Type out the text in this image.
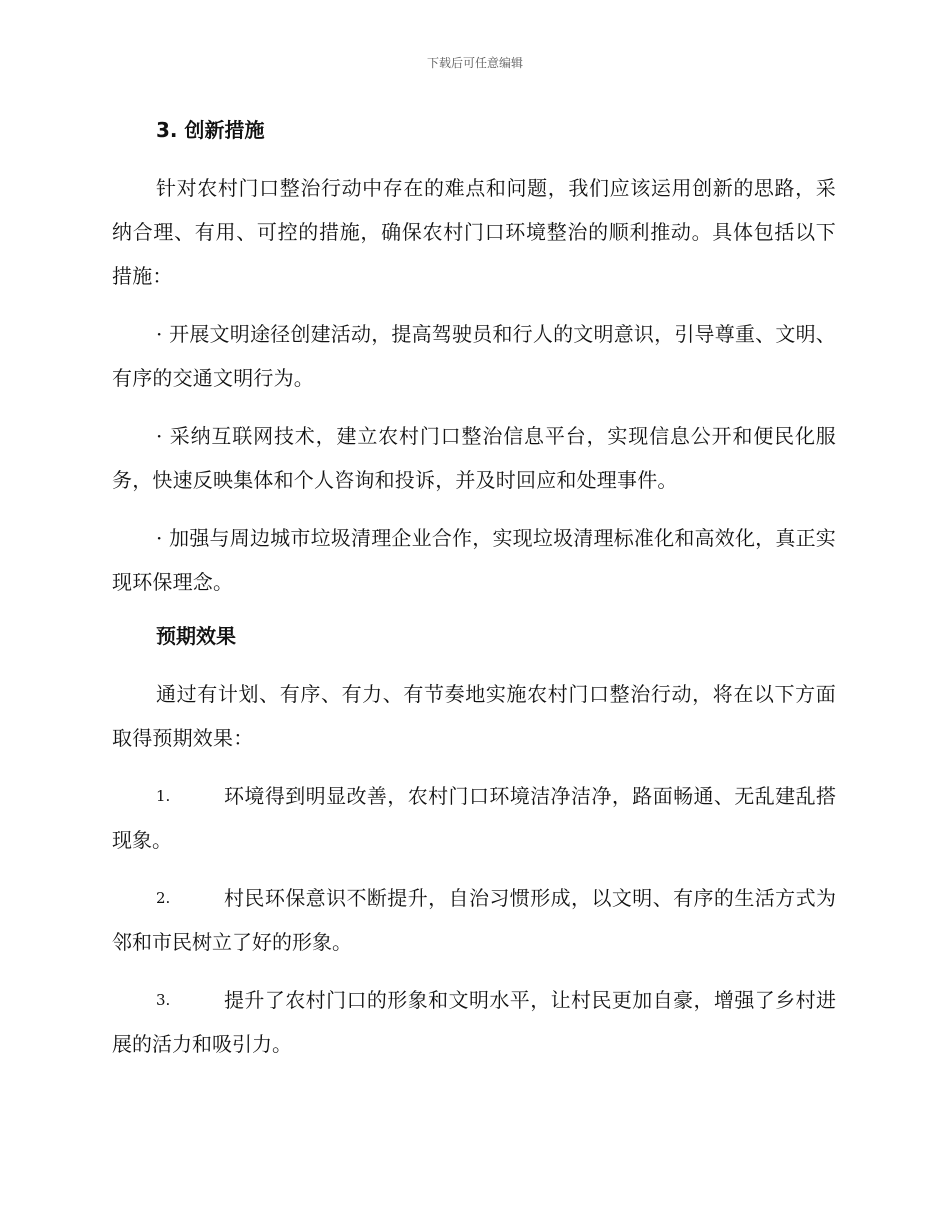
下载后可任意编辑
3. 创新措施

针对农村门口整治行动中存在的难点和问题，我们应该运用创新的思路，采纳合理、有用、可控的措施，确保农村门口环境整治的顺利推动。具体包括以下措施：

· 开展文明途径创建活动，提高驾驶员和行人的文明意识，引导尊重、文明、有序的交通文明行为。

· 采纳互联网技术，建立农村门口整治信息平台，实现信息公开和便民化服务，快速反映集体和个人咨询和投诉，并及时回应和处理事件。

· 加强与周边城市垃圾清理企业合作，实现垃圾清理标准化和高效化，真正实现环保理念。

预期效果

通过有计划、有序、有力、有节奏地实施农村门口整治行动，将在以下方面取得预期效果：

1.	环境得到明显改善，农村门口环境洁净洁净，路面畅通、无乱建乱搭现象。

2.	村民环保意识不断提升，自治习惯形成，以文明、有序的生活方式为邻和市民树立了好的形象。

3.	提升了农村门口的形象和文明水平，让村民更加自豪，增强了乡村进展的活力和吸引力。
